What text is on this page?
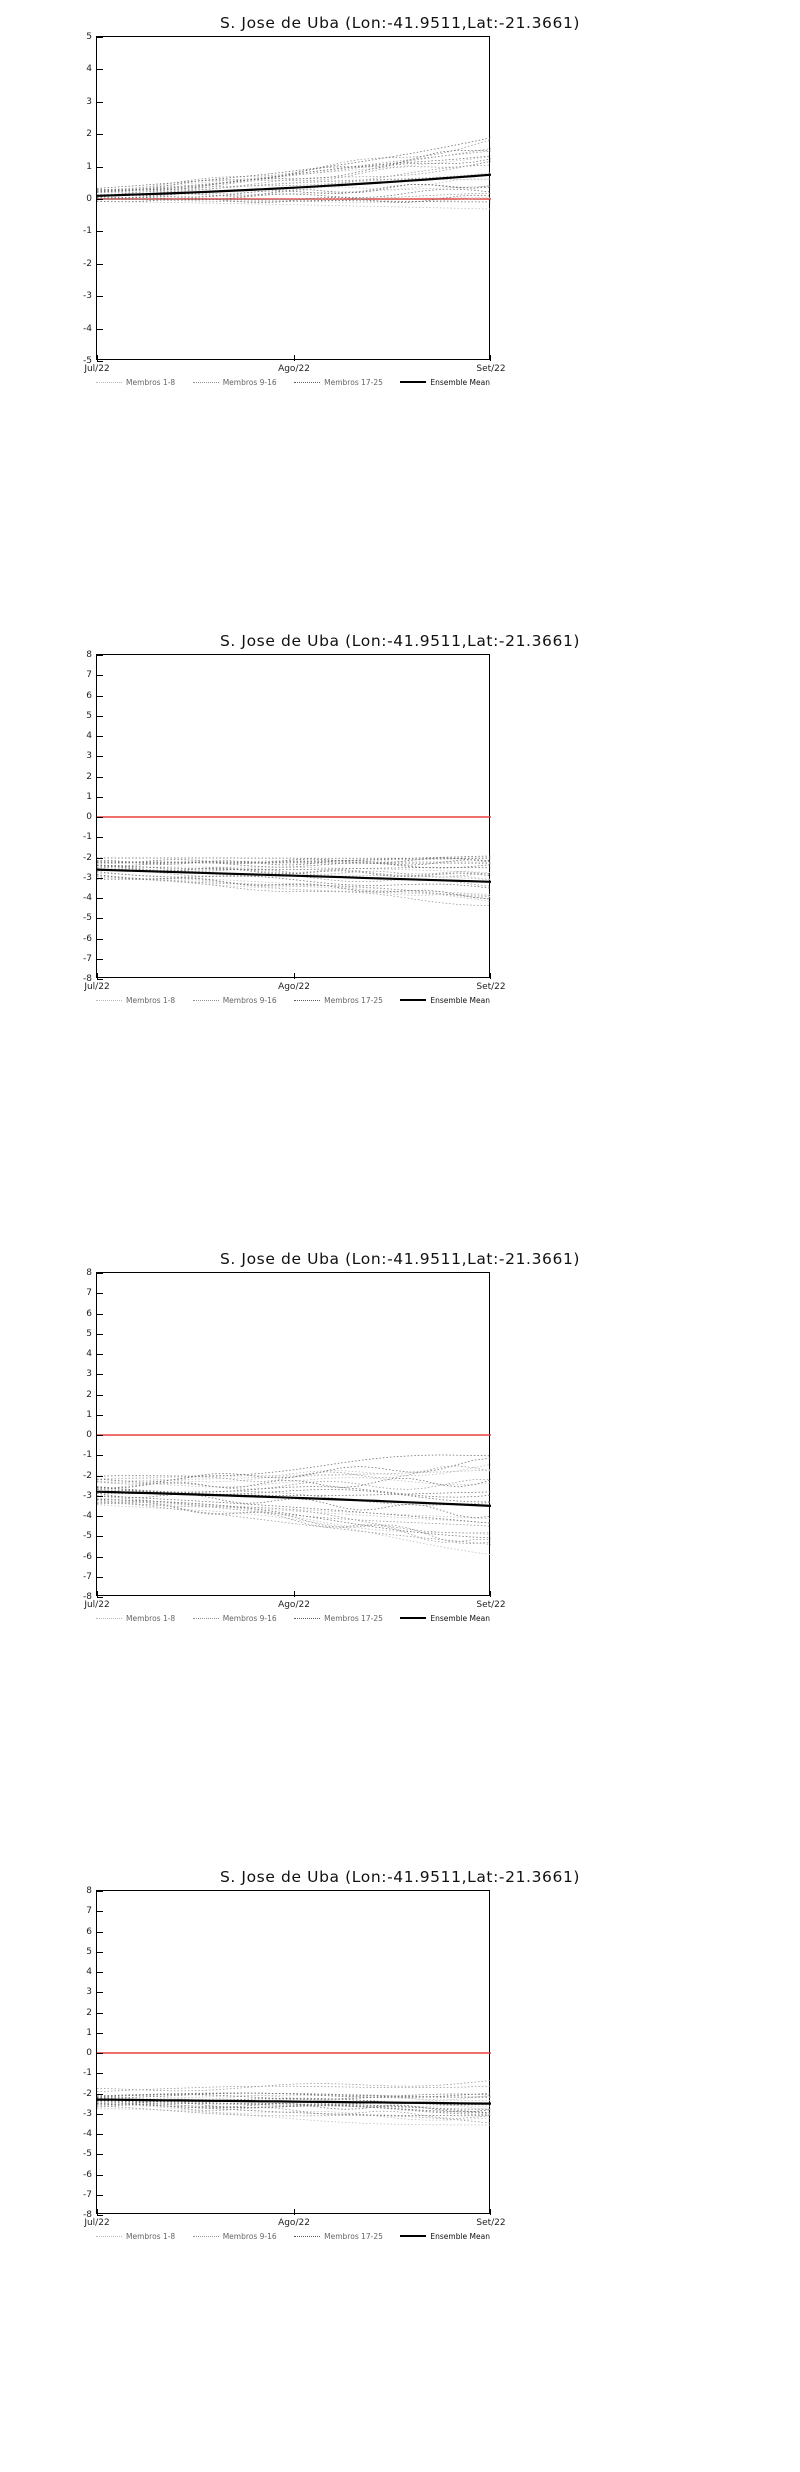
S. Jose de Uba (Lon:-41.9511,Lat:-21.3661)
-5
-4
-3
-2
-1
0
1
2
3
4
5
Jul/22	Ago/22	Set/22
Membros 1-8	Membros 9-16	Membros 17-25	Ensemble Mean
S. Jose de Uba (Lon:-41.9511,Lat:-21.3661)
-8
-7
-6
-5
-4
-3
-2
-1
0
1
2
3
4
5
6
7
8
Jul/22	Ago/22	Set/22
Membros 1-8	Membros 9-16	Membros 17-25	Ensemble Mean
S. Jose de Uba (Lon:-41.9511,Lat:-21.3661)
-8
-7
-6
-5
-4
-3
-2
-1
0
1
2
3
4
5
6
7
8
Jul/22	Ago/22	Set/22
Membros 1-8	Membros 9-16	Membros 17-25	Ensemble Mean
S. Jose de Uba (Lon:-41.9511,Lat:-21.3661)
-8
-7
-6
-5
-4
-3
-2
-1
0
1
2
3
4
5
6
7
8
Jul/22	Ago/22	Set/22
Membros 1-8	Membros 9-16	Membros 17-25	Ensemble Mean
